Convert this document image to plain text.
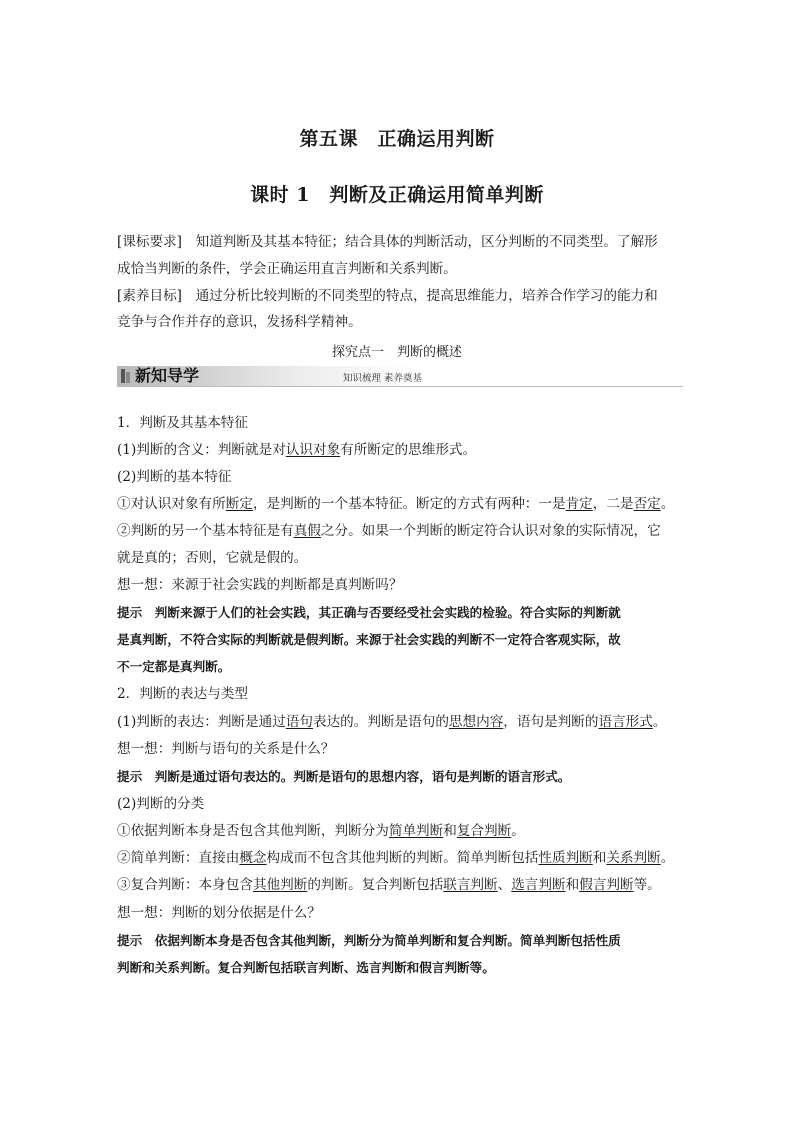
第五课　正确运用判断
课时 1　判断及正确运用简单判断
[课标要求]　知道判断及其基本特征；结合具体的判断活动，区分判断的不同类型。了解形
成恰当判断的条件，学会正确运用直言判断和关系判断。
[素养目标]　通过分析比较判断的不同类型的特点，提高思维能力，培养合作学习的能力和
竞争与合作并存的意识，发扬科学精神。
探究点一　判断的概述
新知导学	知识梳理 素养奠基
1．判断及其基本特征
(1)判断的含义：判断就是对认识对象有所断定的思维形式。
(2)判断的基本特征
①对认识对象有所断定，是判断的一个基本特征。断定的方式有两种：一是肯定，二是否定。
②判断的另一个基本特征是有真假之分。如果一个判断的断定符合认识对象的实际情况，它
就是真的；否则，它就是假的。
想一想：来源于社会实践的判断都是真判断吗？
提示　判断来源于人们的社会实践，其正确与否要经受社会实践的检验。符合实际的判断就
是真判断，不符合实际的判断就是假判断。来源于社会实践的判断不一定符合客观实际，故
不一定都是真判断。
2．判断的表达与类型
(1)判断的表达：判断是通过语句表达的。判断是语句的思想内容，语句是判断的语言形式。
想一想：判断与语句的关系是什么？
提示　判断是通过语句表达的。判断是语句的思想内容，语句是判断的语言形式。
(2)判断的分类
①依据判断本身是否包含其他判断，判断分为简单判断和复合判断。
②简单判断：直接由概念构成而不包含其他判断的判断。简单判断包括性质判断和关系判断。
③复合判断：本身包含其他判断的判断。复合判断包括联言判断、选言判断和假言判断等。
想一想：判断的划分依据是什么？
提示　依据判断本身是否包含其他判断，判断分为简单判断和复合判断。简单判断包括性质
判断和关系判断。复合判断包括联言判断、选言判断和假言判断等。
